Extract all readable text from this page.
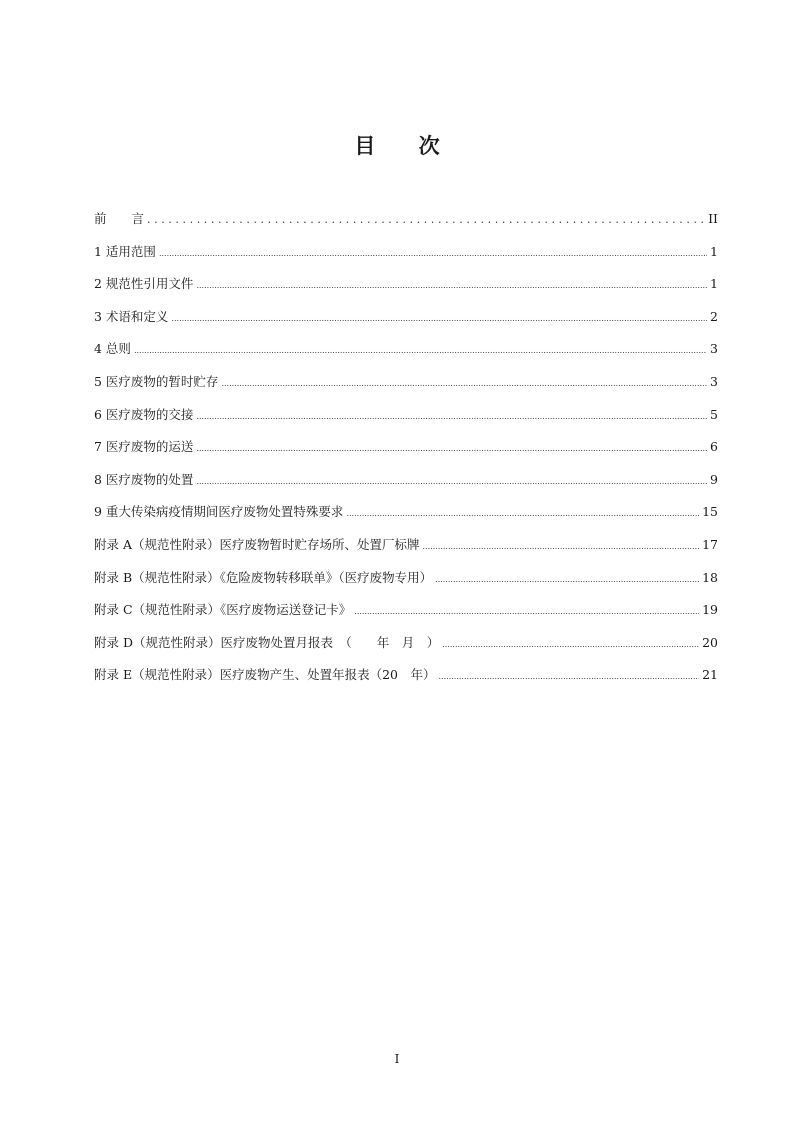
目 次
前　　言 .....	II
1 适用范围 .....	1
2 规范性引用文件 .....	1
3 术语和定义 .....	2
4 总则 .....	3
5 医疗废物的暂时贮存 .....	3
6 医疗废物的交接 .....	5
7 医疗废物的运送 .....	6
8 医疗废物的处置 .....	9
9 重大传染病疫情期间医疗废物处置特殊要求 .....	15
附录 A（规范性附录）医疗废物暂时贮存场所、处置厂标牌 .....	17
附录 B（规范性附录）《危险废物转移联单》（医疗废物专用） .....	18
附录 C（规范性附录）《医疗废物运送登记卡》 .....	19
附录 D（规范性附录）医疗废物处置月报表　（　　年　月　） .....	20
附录 E（规范性附录）医疗废物产生、处置年报表（20　年） .....	21
I
